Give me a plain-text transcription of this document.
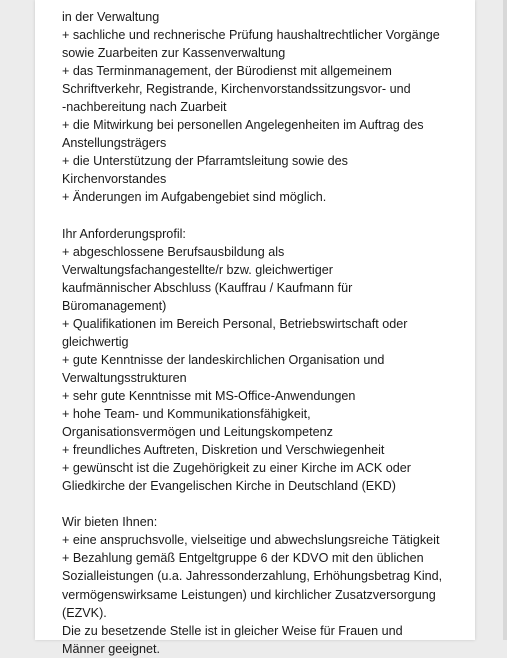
in der Verwaltung
+ sachliche und rechnerische Prüfung haushaltrechtlicher Vorgänge
sowie Zuarbeiten zur Kassenverwaltung
+ das Terminmanagement, der Bürodienst mit allgemeinem
Schriftverkehr, Registrande, Kirchenvorstandssitzungsvor- und
-nachbereitung nach Zuarbeit
+ die Mitwirkung bei personellen Angelegenheiten im Auftrag des
Anstellungsträgers
+ die Unterstützung der Pfarramtsleitung sowie des
Kirchenvorstandes
+ Änderungen im Aufgabengebiet sind möglich.
Ihr Anforderungsprofil:
+ abgeschlossene Berufsausbildung als
Verwaltungsfachangestellte/r bzw. gleichwertiger
kaufmännischer Abschluss (Kauffrau / Kaufmann für
Büromanagement)
+ Qualifikationen im Bereich Personal, Betriebswirtschaft oder
gleichwertig
+ gute Kenntnisse der landeskirchlichen Organisation und
Verwaltungsstrukturen
+ sehr gute Kenntnisse mit MS-Office-Anwendungen
+ hohe Team- und Kommunikationsfähigkeit,
Organisationsvermögen und Leitungskompetenz
+ freundliches Auftreten, Diskretion und Verschwiegenheit
+ gewünscht ist die Zugehörigkeit zu einer Kirche im ACK oder
Gliedkirche der Evangelischen Kirche in Deutschland (EKD)
Wir bieten Ihnen:
+ eine anspruchsvolle, vielseitige und abwechslungsreiche Tätigkeit
+ Bezahlung gemäß Entgeltgruppe 6 der KDVO mit den üblichen
Sozialleistungen (u.a. Jahressonderzahlung, Erhöhungsbetrag Kind,
vermögenswirksame Leistungen) und kirchlicher Zusatzversorgung
(EZVK).
Die zu besetzende Stelle ist in gleicher Weise für Frauen und
Männer geeignet.
